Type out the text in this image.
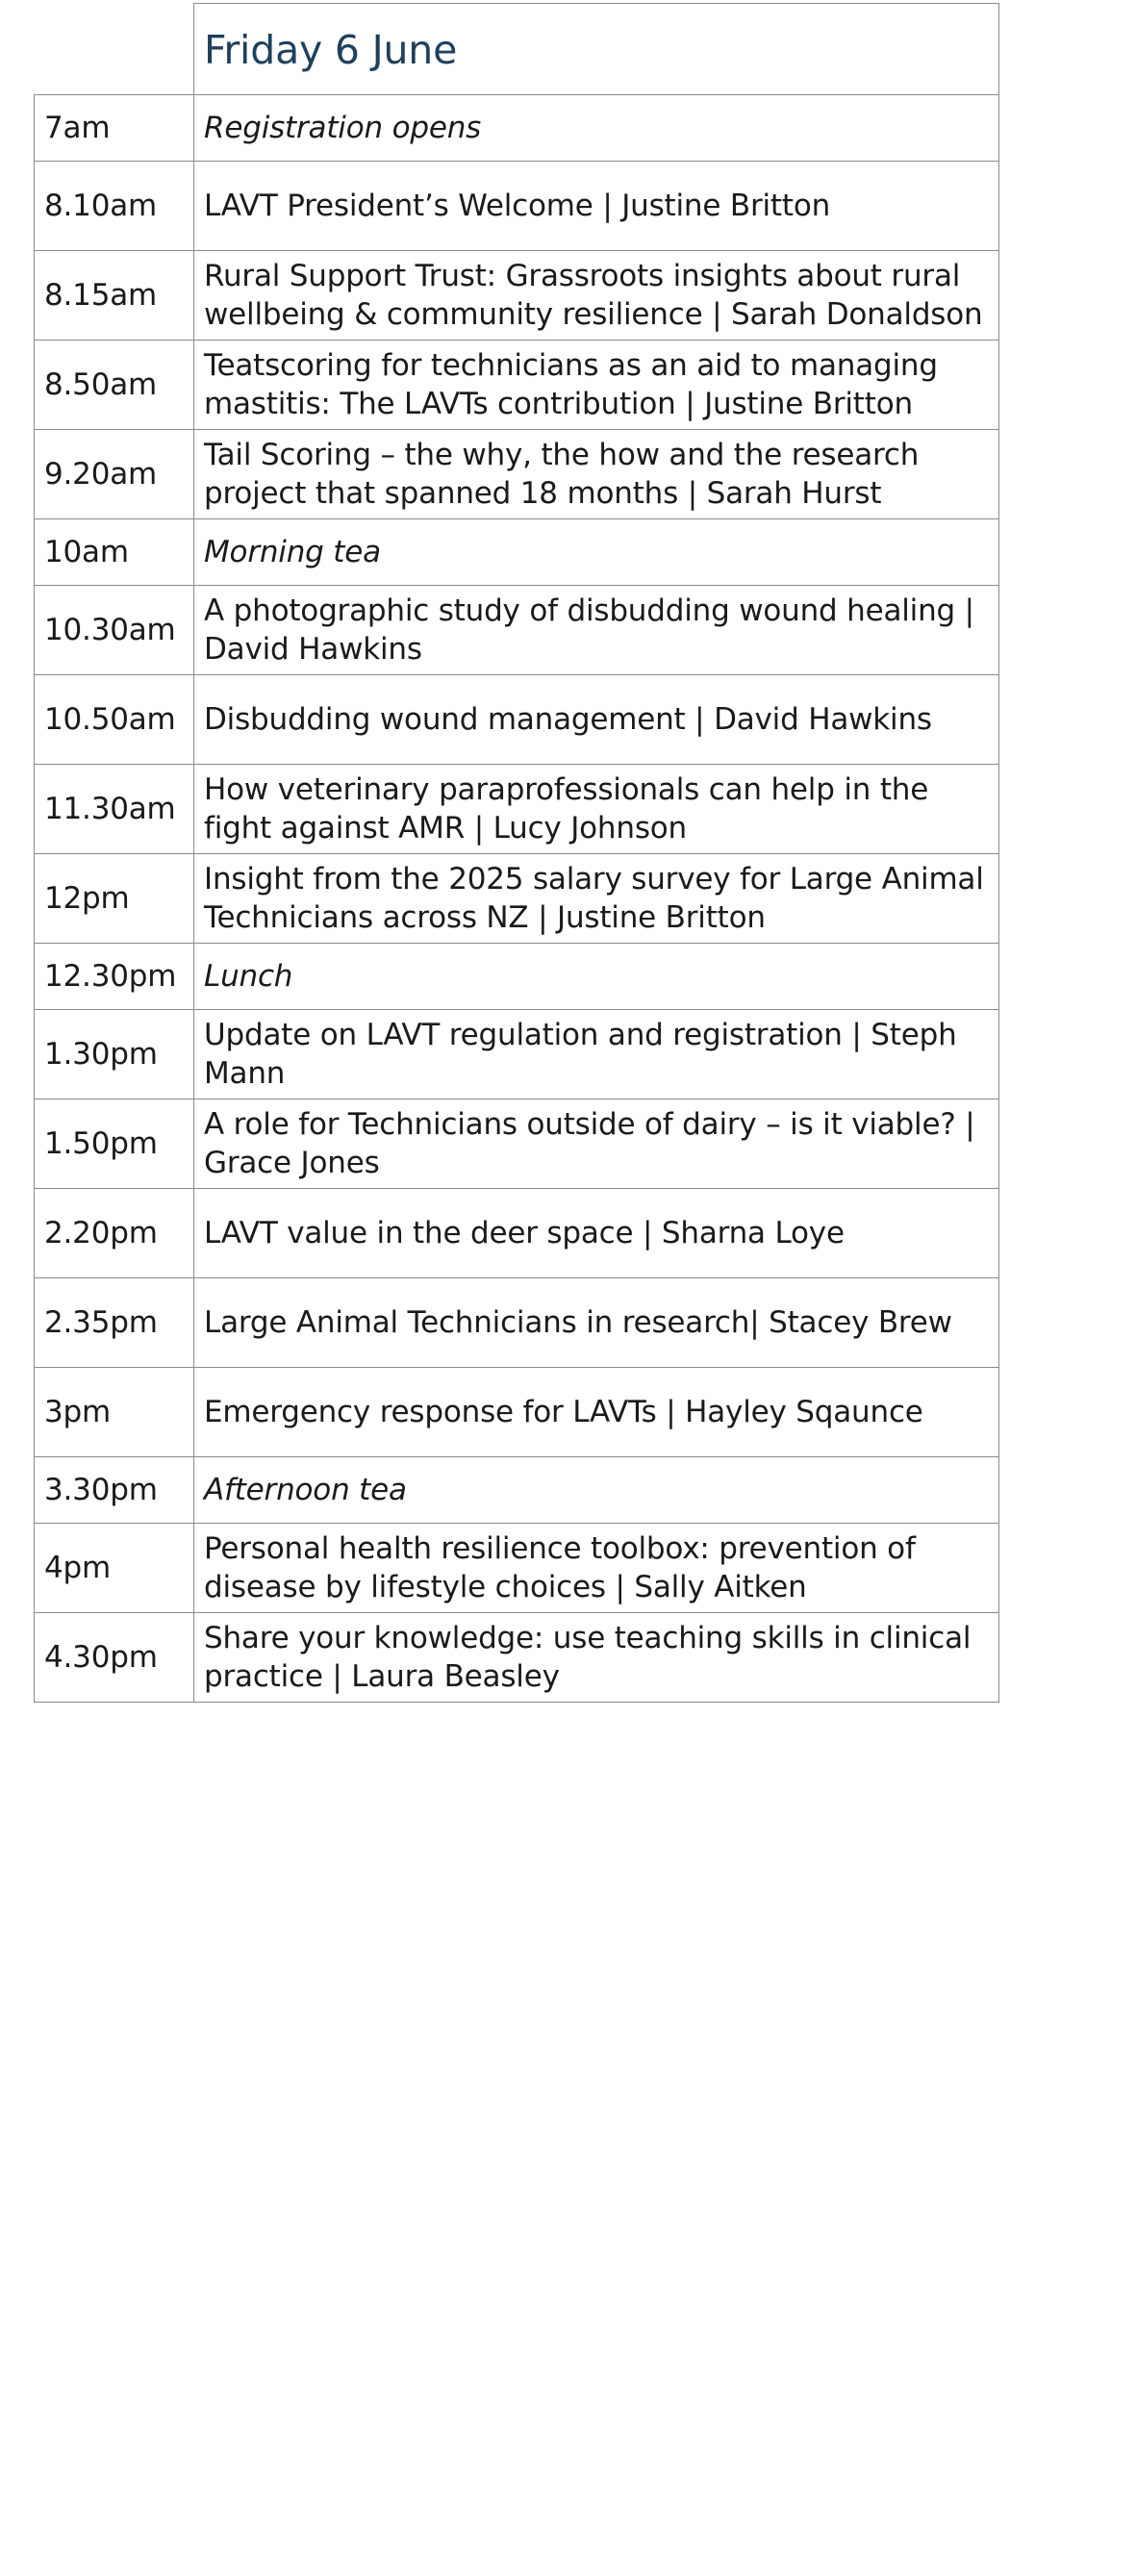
	Friday 6 June
7am	Registration opens
8.10am	LAVT President’s Welcome | Justine Britton
8.15am	Rural Support Trust: Grassroots insights about rural wellbeing & community resilience | Sarah Donaldson
8.50am	Teatscoring for technicians as an aid to managing mastitis: The LAVTs contribution | Justine Britton
9.20am	Tail Scoring – the why, the how and the research project that spanned 18 months | Sarah Hurst
10am	Morning tea
10.30am	A photographic study of disbudding wound healing | David Hawkins
10.50am	Disbudding wound management | David Hawkins
11.30am	How veterinary paraprofessionals can help in the fight against AMR | Lucy Johnson
12pm	Insight from the 2025 salary survey for Large Animal Technicians across NZ | Justine Britton
12.30pm	Lunch
1.30pm	Update on LAVT regulation and registration | Steph Mann
1.50pm	A role for Technicians outside of dairy – is it viable? | Grace Jones
2.20pm	LAVT value in the deer space | Sharna Loye
2.35pm	Large Animal Technicians in research| Stacey Brew
3pm	Emergency response for LAVTs | Hayley Sqaunce
3.30pm	Afternoon tea
4pm	Personal health resilience toolbox: prevention of disease by lifestyle choices | Sally Aitken
4.30pm	Share your knowledge: use teaching skills in clinical practice | Laura Beasley
